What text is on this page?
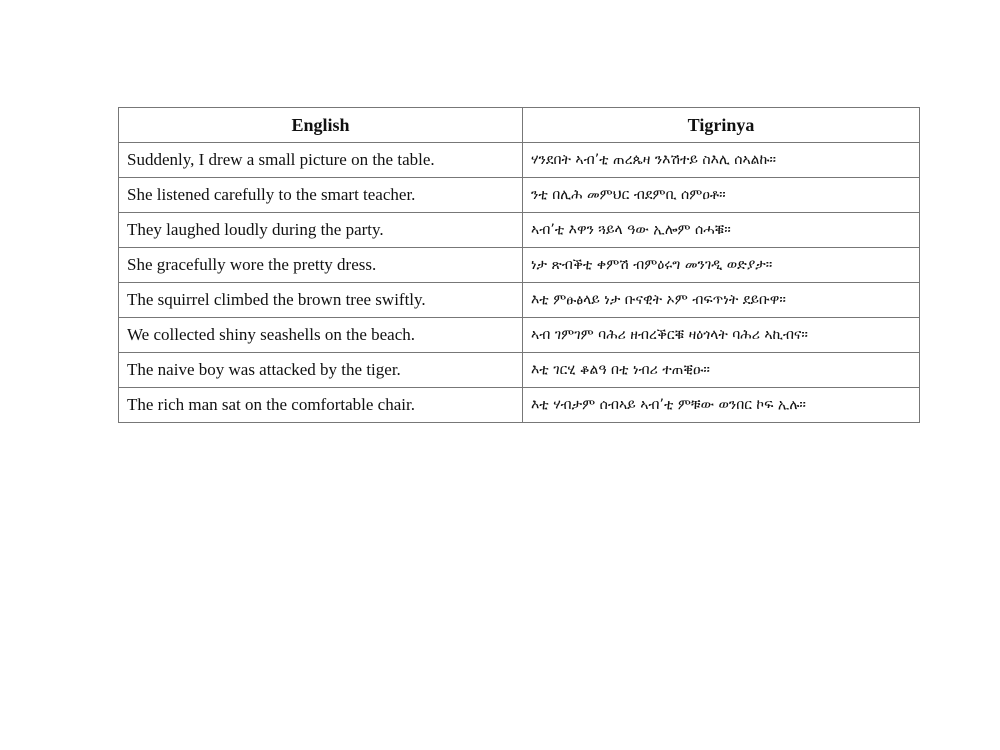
English	Tigrinya
Suddenly, I drew a small picture on the table.	ሃንደበት ኣብ’ቲ ጠረጴዛ ንእሽተይ ስእሊ ሰኣልኩ።
She listened carefully to the smart teacher.	ንቲ በሊሕ መምህር ብደምቢ ሰምዐቶ።
They laughed loudly during the party.	ኣብ’ቲ እዋን ጓይላ ዓው ኢሎም ሰሓቑ።
She gracefully wore the pretty dress.	ነታ ጽብቕቲ ቀምሽ ብምዕሩግ መንገዲ ወድያታ።
The squirrel climbed the brown tree swiftly.	እቲ ምፁፅላይ ነታ ቡናዊት ኦም ብፍጥነት ደይቡዋ።
We collected shiny seashells on the beach.	ኣብ ገምገም ባሕሪ ዘብረቕርቑ ዛዕጎላት ባሕሪ ኣኪብና።
The naive boy was attacked by the tiger.	እቲ ገርሂ ቆልዓ በቲ ነብሪ ተጠቒዑ።
The rich man sat on the comfortable chair.	እቲ ሃብታም ሰብኣይ ኣብ’ቲ ምቹው ወንበር ኮፍ ኢሉ።
